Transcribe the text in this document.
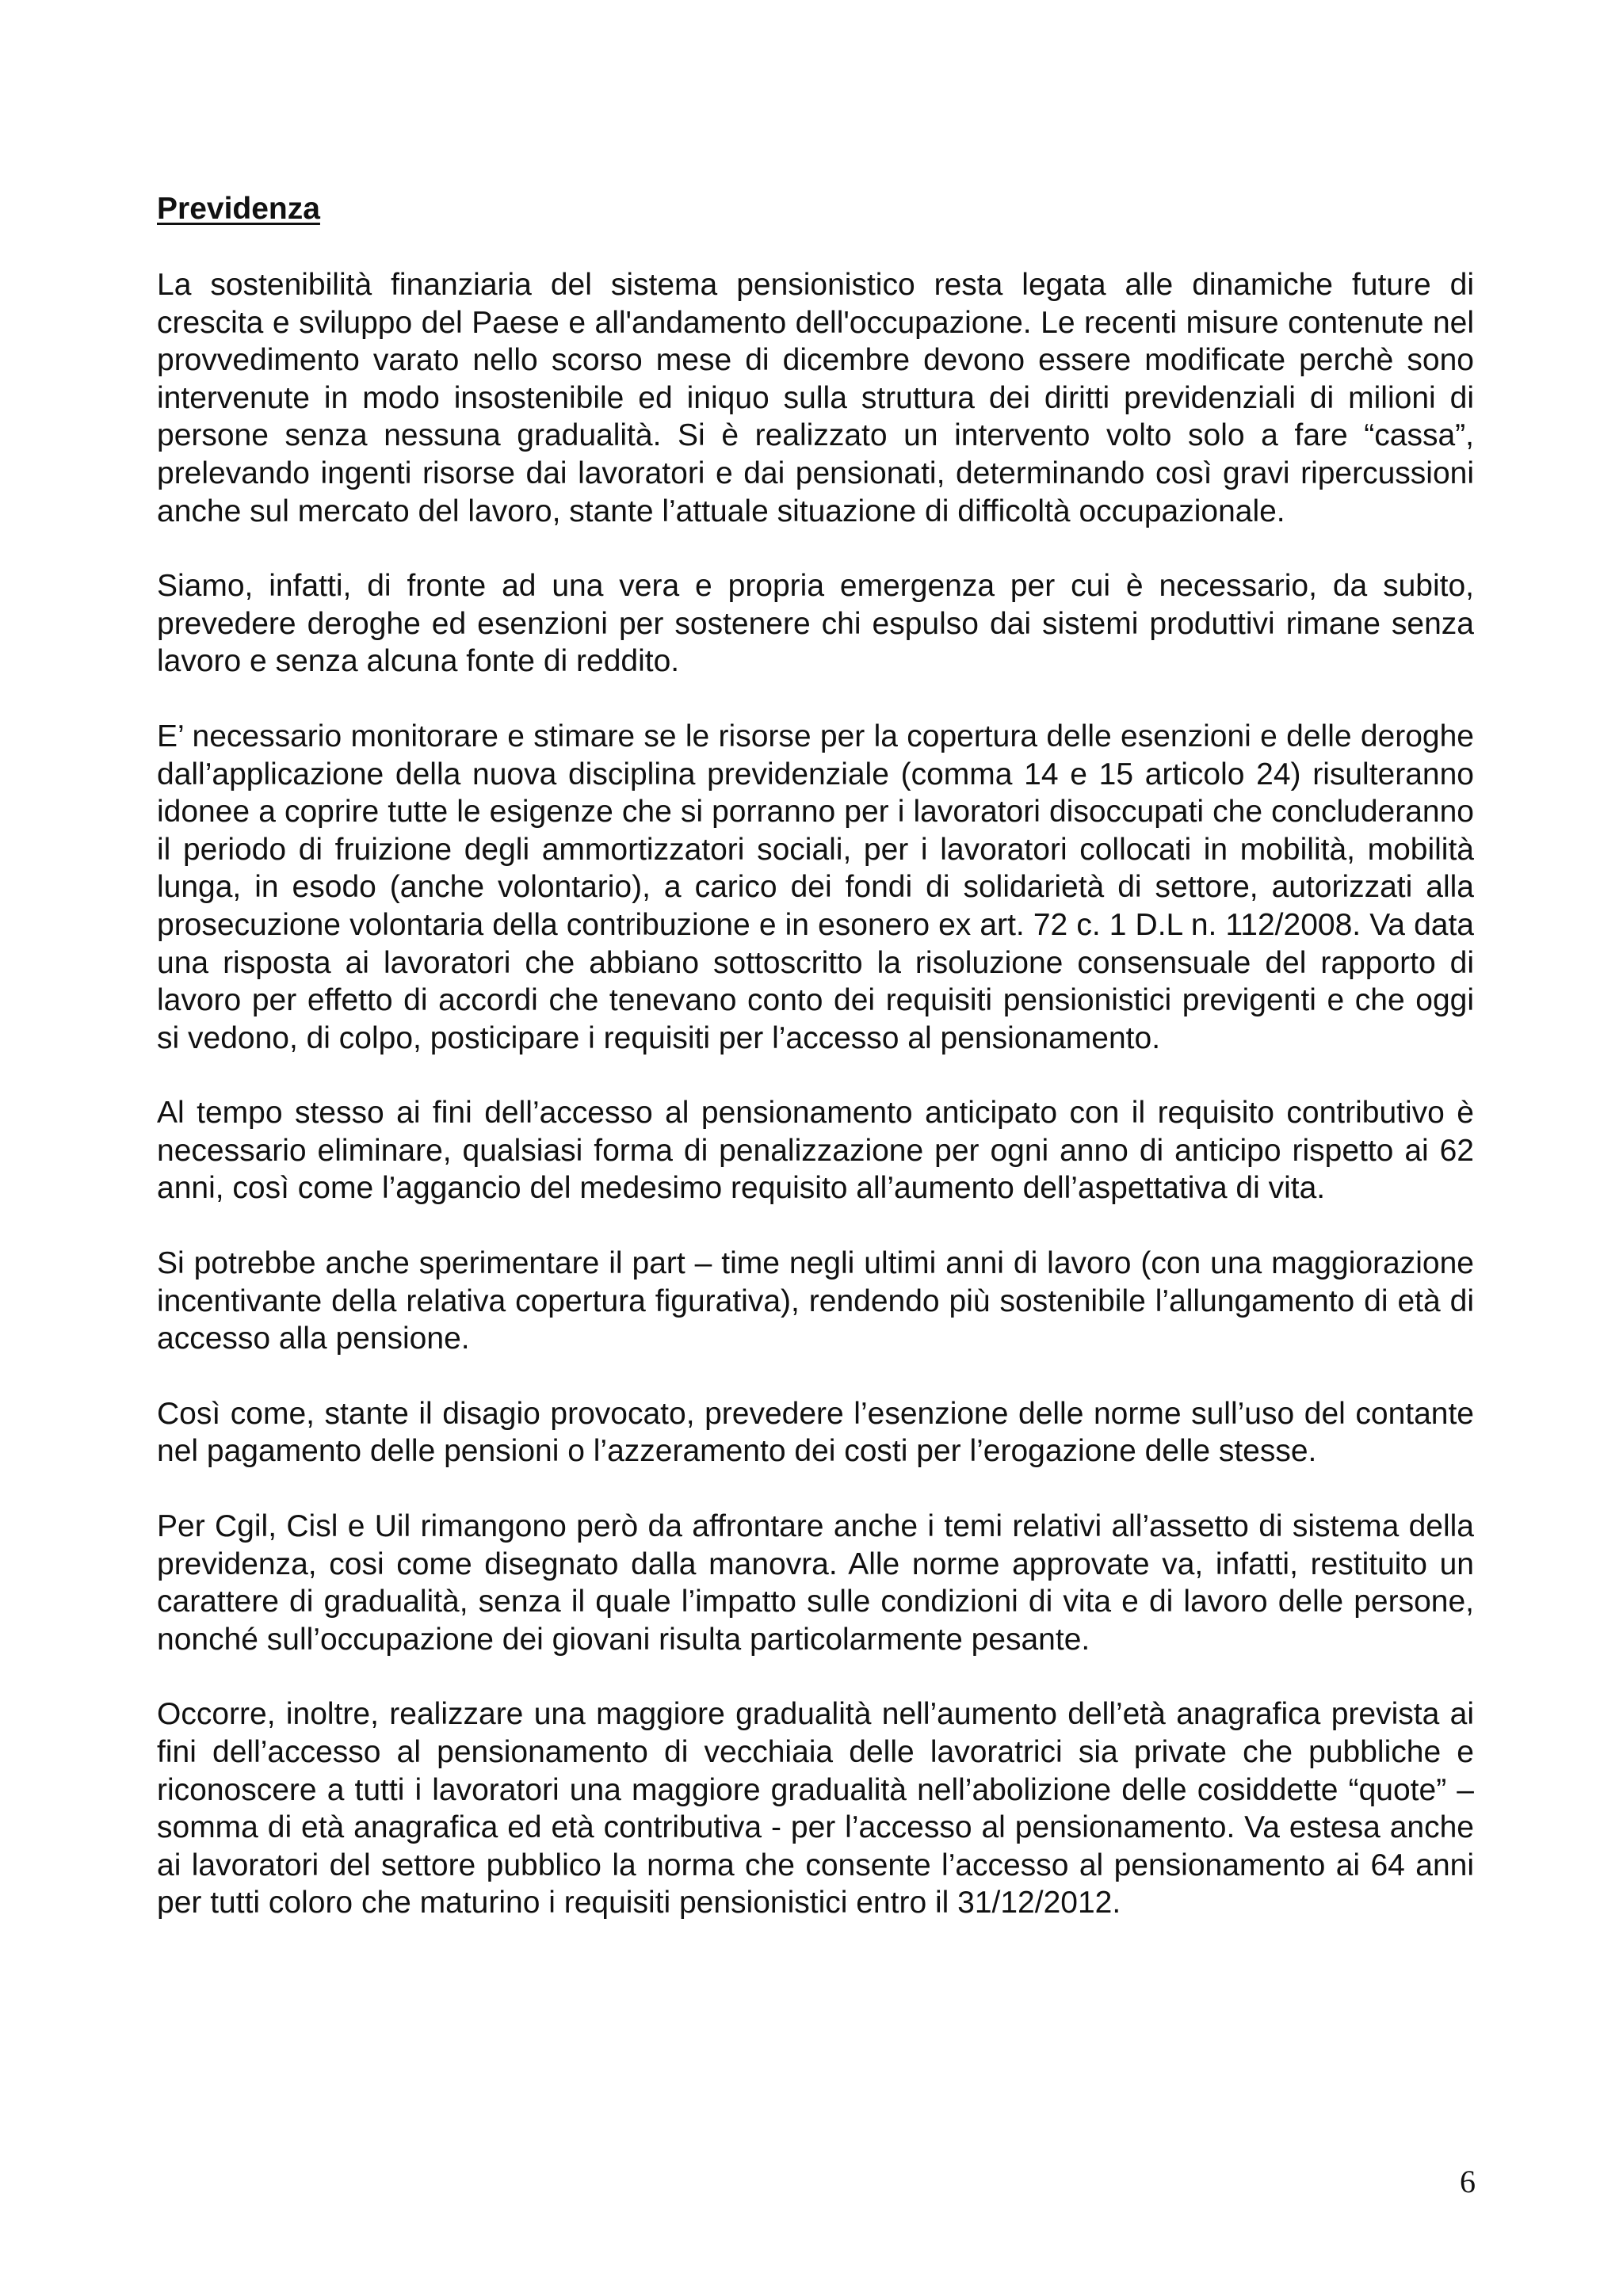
Previdenza

La sostenibilità finanziaria del sistema pensionistico resta legata alle dinamiche future di crescita e sviluppo del Paese e all'andamento dell'occupazione. Le recenti misure contenute nel provvedimento varato nello scorso mese di dicembre devono essere modificate perchè sono intervenute in modo insostenibile ed iniquo sulla struttura dei diritti previdenziali di milioni di persone senza nessuna gradualità. Si è realizzato un intervento volto solo a fare “cassa”, prelevando ingenti risorse dai lavoratori e dai pensionati, determinando così gravi ripercussioni anche sul mercato del lavoro, stante l’attuale situazione di difficoltà occupazionale.

Siamo, infatti, di fronte ad una vera e propria emergenza per cui è necessario, da subito, prevedere deroghe ed esenzioni per sostenere chi espulso dai sistemi produttivi rimane senza lavoro e senza alcuna fonte di reddito.

E’ necessario monitorare e stimare se le risorse per la copertura delle esenzioni e delle deroghe dall’applicazione della nuova disciplina previdenziale (comma 14 e 15 articolo 24) risulteranno idonee a coprire tutte le esigenze che si porranno per i lavoratori disoccupati che concluderanno il periodo di fruizione degli ammortizzatori sociali, per i lavoratori collocati in mobilità, mobilità lunga, in esodo (anche volontario), a carico dei fondi di solidarietà di settore, autorizzati alla prosecuzione volontaria della contribuzione e in esonero ex art. 72 c. 1 D.L n. 112/2008. Va data una risposta ai lavoratori che abbiano sottoscritto la risoluzione consensuale del rapporto di lavoro per effetto di accordi che tenevano conto dei requisiti pensionistici previgenti e che oggi si vedono, di colpo, posticipare i requisiti per l’accesso al pensionamento.

Al tempo stesso ai fini dell’accesso al pensionamento anticipato con il requisito contributivo è necessario eliminare, qualsiasi forma di penalizzazione per ogni anno di anticipo rispetto ai 62 anni, così come l’aggancio del medesimo requisito all’aumento dell’aspettativa di vita.

Si potrebbe anche sperimentare il part – time negli ultimi anni di lavoro (con una maggiorazione incentivante della relativa copertura figurativa), rendendo più sostenibile l’allungamento di età di accesso alla pensione.

Così come, stante il disagio provocato, prevedere l’esenzione delle norme sull’uso del contante nel pagamento delle pensioni o l’azzeramento dei costi per l’erogazione delle stesse.

Per Cgil, Cisl e Uil rimangono però da affrontare anche i temi relativi all’assetto di sistema della previdenza, cosi come disegnato dalla manovra. Alle norme approvate va, infatti, restituito un carattere di gradualità, senza il quale l’impatto sulle condizioni di vita e di lavoro delle persone, nonché sull’occupazione dei giovani risulta particolarmente pesante.

Occorre, inoltre, realizzare una maggiore gradualità nell’aumento dell’età anagrafica prevista ai fini dell’accesso al pensionamento di vecchiaia delle lavoratrici sia private che pubbliche e riconoscere a tutti i lavoratori una maggiore gradualità nell’abolizione delle cosiddette “quote” – somma di età anagrafica ed età contributiva - per l’accesso al pensionamento. Va estesa anche ai lavoratori del settore pubblico la norma che consente l’accesso al pensionamento ai 64 anni per tutti coloro che maturino i requisiti pensionistici entro il 31/12/2012.

6
